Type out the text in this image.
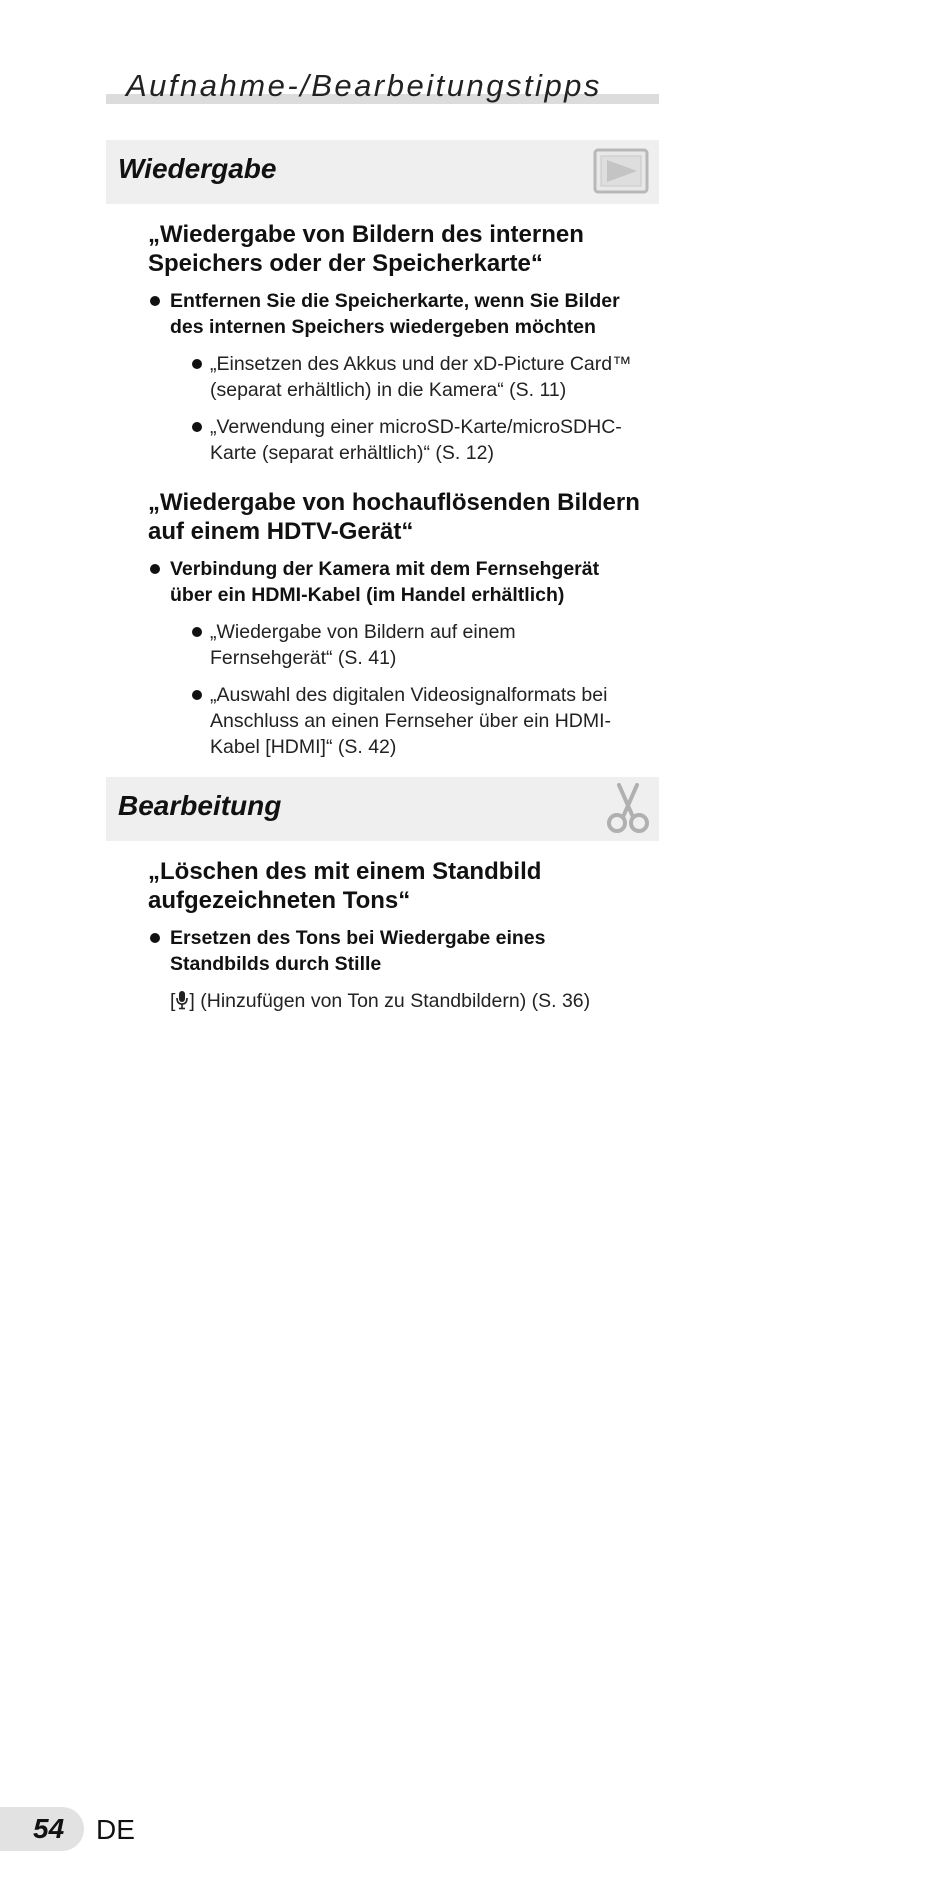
Aufnahme-/Bearbeitungstipps
Wiedergabe
„Wiedergabe von Bildern des internen
Speichers oder der Speicherkarte“
Entfernen Sie die Speicherkarte, wenn Sie Bilder
des internen Speichers wiedergeben möchten
„Einsetzen des Akkus und der xD-Picture Card™
(separat erhältlich) in die Kamera“ (S. 11)
„Verwendung einer microSD-Karte/microSDHC-
Karte (separat erhältlich)“ (S. 12)
„Wiedergabe von hochauflösenden Bildern
auf einem HDTV-Gerät“
Verbindung der Kamera mit dem Fernsehgerät
über ein HDMI-Kabel (im Handel erhältlich)
„Wiedergabe von Bildern auf einem
Fernsehgerät“ (S. 41)
„Auswahl des digitalen Videosignalformats bei
Anschluss an einen Fernseher über ein HDMI-
Kabel [HDMI]“ (S. 42)
Bearbeitung
„Löschen des mit einem Standbild
aufgezeichneten Tons“
Ersetzen des Tons bei Wiedergabe eines
Standbilds durch Stille
[ ] (Hinzufügen von Ton zu Standbildern) (S. 36)
54 DE
